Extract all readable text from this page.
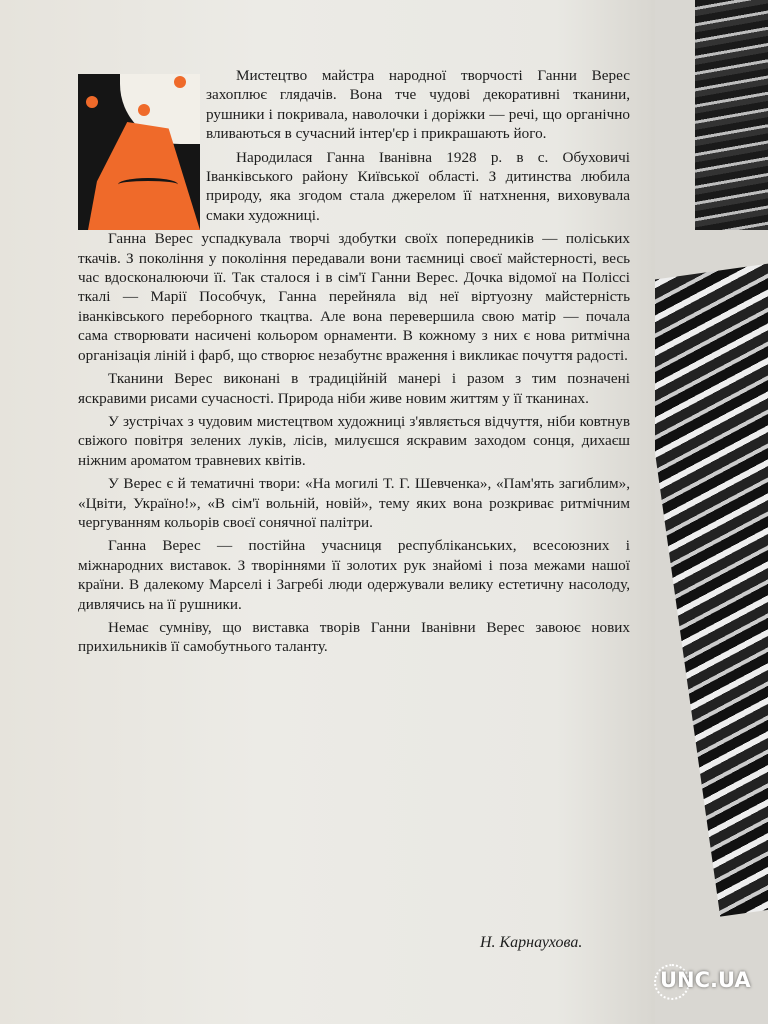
Мистецтво майстра народної творчості Ганни Верес захоплює глядачів. Вона тче чудові декоративні тканини, рушники і покривала, наволочки і доріжки — речі, що органічно вливаються в сучасний інтер'єр і прикрашають його.

Народилася Ганна Іванівна 1928 р. в с. Обуховичі Іванківського району Київської області. З дитинства любила природу, яка згодом стала джерелом її натхнення, виховувала смаки художниці.

Ганна Верес успадкувала творчі здобутки своїх попередників — поліських ткачів. З покоління у покоління передавали вони таємниці своєї майстерності, весь час вдосконалюючи її. Так сталося і в сім'ї Ганни Верес. Дочка відомої на Поліссі ткалі — Марії Пособчук, Ганна перейняла від неї віртуозну майстерність іванківського переборного ткацтва. Але вона перевершила свою матір — почала сама створювати насичені кольором орнаменти. В кожному з них є нова ритмічна організація ліній і фарб, що створює незабутнє враження і викликає почуття радості.

Тканини Верес виконані в традиційній манері і разом з тим позначені яскравими рисами сучасності. Природа ніби живе новим життям у її тканинах.

У зустрічах з чудовим мистецтвом художниці з'являється відчуття, ніби ковтнув свіжого повітря зелених луків, лісів, милуєшся яскравим заходом сонця, дихаєш ніжним ароматом травневих квітів.

У Верес є й тематичні твори: «На могилі Т. Г. Шевченка», «Пам'ять загиблим», «Цвіти, Україно!», «В сім'ї вольній, новій», тему яких вона розкриває ритмічним чергуванням кольорів своєї сонячної палітри.

Ганна Верес — постійна учасниця республіканських, всесоюзних і міжнародних виставок. З творіннями її золотих рук знайомі і поза межами нашої країни. В далекому Марселі і Загребі люди одержували велику естетичну насолоду, дивлячись на її рушники.

Немає сумніву, що виставка творів Ганни Іванівни Верес завоює нових прихильників її самобутнього таланту.

Н. Карнаухова.
UNC.UA
